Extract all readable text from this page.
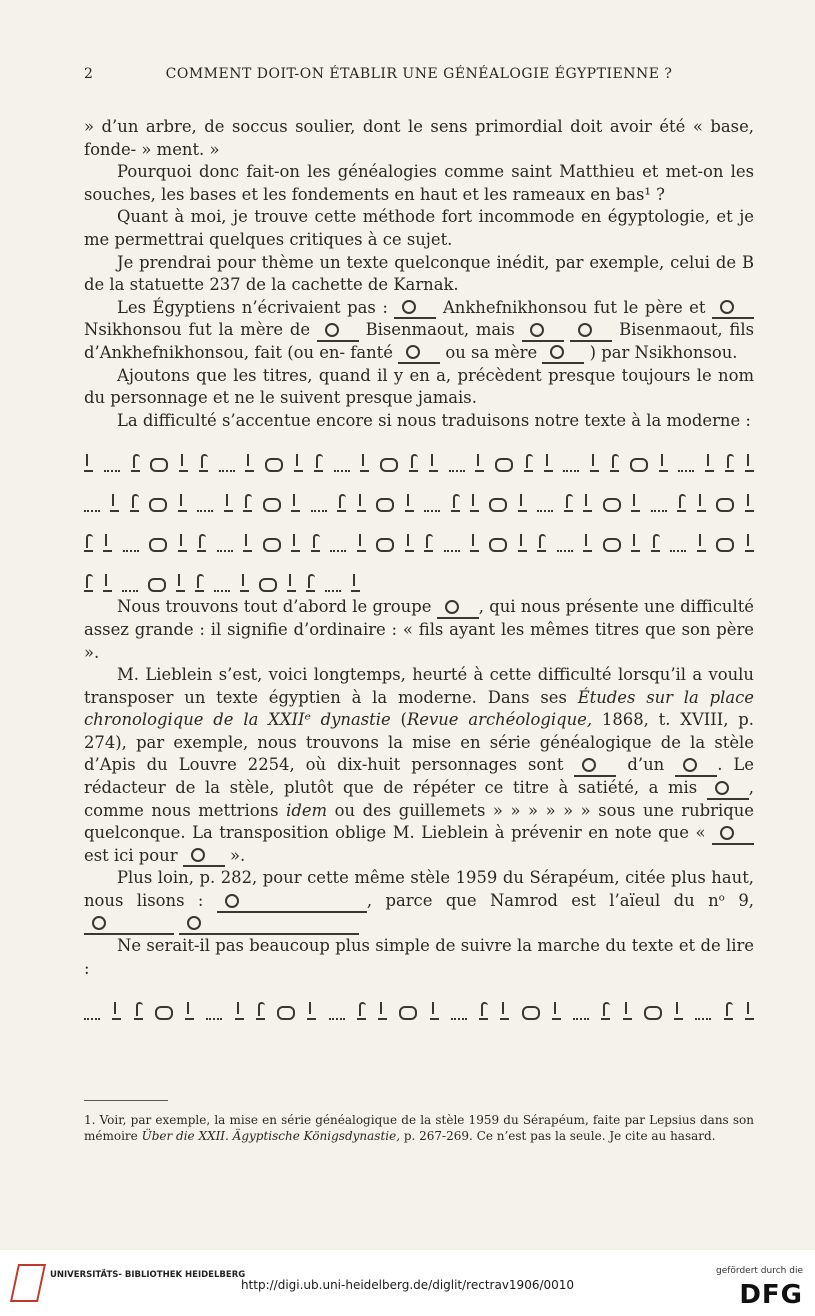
2	COMMENT DOIT-ON ÉTABLIR UNE GÉNÉALOGIE ÉGYPTIENNE ?

» d’un arbre, de soccus soulier, dont le sens primordial doit avoir été « base, fonde- » ment. »

Pourquoi donc fait-on les généalogies comme saint Matthieu et met-on les souches, les bases et les fondements en haut et les rameaux en bas¹ ?

Quant à moi, je trouve cette méthode fort incommode en égyptologie, et je me permettrai quelques critiques à ce sujet.

Je prendrai pour thème un texte quelconque inédit, par exemple, celui de B de la statuette 237 de la cachette de Karnak.

Les Égyptiens n’écrivaient pas :	Ankhefnikhonsou fut le père et  Nsikhonsou fut la mère de	Bisenmaout, mais	Bisenmaout, fils d’Ankhefnikhonsou, fait (ou en- fanté	ou sa mère	) par Nsikhonsou.

Ajoutons que les titres, quand il y en a, précèdent presque toujours le nom du personnage et ne le suivent presque jamais.

La difficulté s’accentue encore si nous traduisons notre texte à la moderne :

Nous trouvons tout d’abord le groupe	, qui nous présente une difficulté assez grande : il signifie d’ordinaire : « fils ayant les mêmes titres que son père ».

M. Lieblein s’est, voici longtemps, heurté à cette difficulté lorsqu’il a voulu transposer un texte égyptien à la moderne. Dans ses Études sur la place chronologique de la XXIIᵉ dynastie (Revue archéologique, 1868, t. XVIII, p. 274), par exemple, nous trouvons la mise en série généalogique de la stèle d’Apis du Louvre 2254, où dix-huit personnages sont	d’un	. Le rédacteur de la stèle, plutôt que de répéter ce titre à satiété, a mis	, comme nous mettrions idem ou des guillemets » » » » » » sous une rubrique quelconque. La transposition oblige M. Lieblein à prévenir en note que «  est ici pour	».

Plus loin, p. 282, pour cette même stèle 1959 du Sérapéum, citée plus haut, nous lisons :	, parce que Namrod est l’aïeul du nᵒ 9,

Ne serait-il pas beaucoup plus simple de suivre la marche du texte et de lire :

1. Voir, par exemple, la mise en série généalogique de la stèle 1959 du Sérapéum, faite par Lepsius dans son mémoire Über die XXII. Ägyptische Königsdynastie, p. 267-269. Ce n’est pas la seule. Je cite au hasard.
UNIVERSITÄTS- BIBLIOTHEK HEIDELBERG
http://digi.ub.uni-heidelberg.de/diglit/rectrav1906/0010
gefördert durch die
DFG
